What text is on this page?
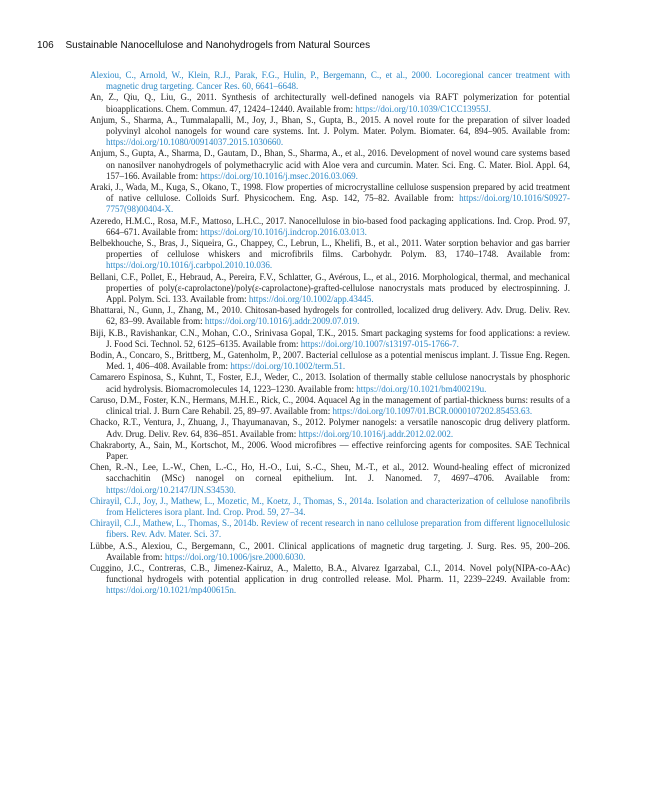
106 Sustainable Nanocellulose and Nanohydrogels from Natural Sources

Alexiou, C., Arnold, W., Klein, R.J., Parak, F.G., Hulin, P., Bergemann, C., et al., 2000. Locoregional cancer treatment with magnetic drug targeting. Cancer Res. 60, 6641–6648.

An, Z., Qiu, Q., Liu, G., 2011. Synthesis of architecturally well-defined nanogels via RAFT polymerization for potential bioapplications. Chem. Commun. 47, 12424–12440. Available from: https://doi.org/10.1039/C1CC13955J.

Anjum, S., Sharma, A., Tummalapalli, M., Joy, J., Bhan, S., Gupta, B., 2015. A novel route for the preparation of silver loaded polyvinyl alcohol nanogels for wound care systems. Int. J. Polym. Mater. Polym. Biomater. 64, 894–905. Available from: https://doi.org/10.1080/00914037.2015.1030660.

Anjum, S., Gupta, A., Sharma, D., Gautam, D., Bhan, S., Sharma, A., et al., 2016. Development of novel wound care systems based on nanosilver nanohydrogels of polymethacrylic acid with Aloe vera and curcumin. Mater. Sci. Eng. C. Mater. Biol. Appl. 64, 157–166. Available from: https://doi.org/10.1016/j.msec.2016.03.069.

Araki, J., Wada, M., Kuga, S., Okano, T., 1998. Flow properties of microcrystalline cellulose suspension prepared by acid treatment of native cellulose. Colloids Surf. Physicochem. Eng. Asp. 142, 75–82. Available from: https://doi.org/10.1016/S0927-7757(98)00404-X.

Azeredo, H.M.C., Rosa, M.F., Mattoso, L.H.C., 2017. Nanocellulose in bio-based food packaging applications. Ind. Crop. Prod. 97, 664–671. Available from: https://doi.org/10.1016/j.indcrop.2016.03.013.

Belbekhouche, S., Bras, J., Siqueira, G., Chappey, C., Lebrun, L., Khelifi, B., et al., 2011. Water sorption behavior and gas barrier properties of cellulose whiskers and microfibrils films. Carbohydr. Polym. 83, 1740–1748. Available from: https://doi.org/10.1016/j.carbpol.2010.10.036.

Bellani, C.F., Pollet, E., Hebraud, A., Pereira, F.V., Schlatter, G., Avérous, L., et al., 2016. Morphological, thermal, and mechanical properties of poly(ε-caprolactone)/poly(ε-caprolactone)-grafted-cellulose nanocrystals mats produced by electrospinning. J. Appl. Polym. Sci. 133. Available from: https://doi.org/10.1002/app.43445.

Bhattarai, N., Gunn, J., Zhang, M., 2010. Chitosan-based hydrogels for controlled, localized drug delivery. Adv. Drug. Deliv. Rev. 62, 83–99. Available from: https://doi.org/10.1016/j.addr.2009.07.019.

Biji, K.B., Ravishankar, C.N., Mohan, C.O., Srinivasa Gopal, T.K., 2015. Smart packaging systems for food applications: a review. J. Food Sci. Technol. 52, 6125–6135. Available from: https://doi.org/10.1007/s13197-015-1766-7.

Bodin, A., Concaro, S., Brittberg, M., Gatenholm, P., 2007. Bacterial cellulose as a potential meniscus implant. J. Tissue Eng. Regen. Med. 1, 406–408. Available from: https://doi.org/10.1002/term.51.

Camarero Espinosa, S., Kuhnt, T., Foster, E.J., Weder, C., 2013. Isolation of thermally stable cellulose nanocrystals by phosphoric acid hydrolysis. Biomacromolecules 14, 1223–1230. Available from: https://doi.org/10.1021/bm400219u.

Caruso, D.M., Foster, K.N., Hermans, M.H.E., Rick, C., 2004. Aquacel Ag in the management of partial-thickness burns: results of a clinical trial. J. Burn Care Rehabil. 25, 89–97. Available from: https://doi.org/10.1097/01.BCR.0000107202.85453.63.

Chacko, R.T., Ventura, J., Zhuang, J., Thayumanavan, S., 2012. Polymer nanogels: a versatile nanoscopic drug delivery platform. Adv. Drug. Deliv. Rev. 64, 836–851. Available from: https://doi.org/10.1016/j.addr.2012.02.002.

Chakraborty, A., Sain, M., Kortschot, M., 2006. Wood microfibres — effective reinforcing agents for composites. SAE Technical Paper.

Chen, R.-N., Lee, L.-W., Chen, L.-C., Ho, H.-O., Lui, S.-C., Sheu, M.-T., et al., 2012. Wound-healing effect of micronized sacchachitin (MSc) nanogel on corneal epithelium. Int. J. Nanomed. 7, 4697–4706. Available from: https://doi.org/10.2147/IJN.S34530.

Chirayil, C.J., Joy, J., Mathew, L., Mozetic, M., Koetz, J., Thomas, S., 2014a. Isolation and characterization of cellulose nanofibrils from Helicteres isora plant. Ind. Crop. Prod. 59, 27–34.

Chirayil, C.J., Mathew, L., Thomas, S., 2014b. Review of recent research in nano cellulose preparation from different lignocellulosic fibers. Rev. Adv. Mater. Sci. 37.

Lübbe, A.S., Alexiou, C., Bergemann, C., 2001. Clinical applications of magnetic drug targeting. J. Surg. Res. 95, 200–206. Available from: https://doi.org/10.1006/jsre.2000.6030.

Cuggino, J.C., Contreras, C.B., Jimenez-Kairuz, A., Maletto, B.A., Alvarez Igarzabal, C.I., 2014. Novel poly(NIPA-co-AAc) functional hydrogels with potential application in drug controlled release. Mol. Pharm. 11, 2239–2249. Available from: https://doi.org/10.1021/mp400615n.
